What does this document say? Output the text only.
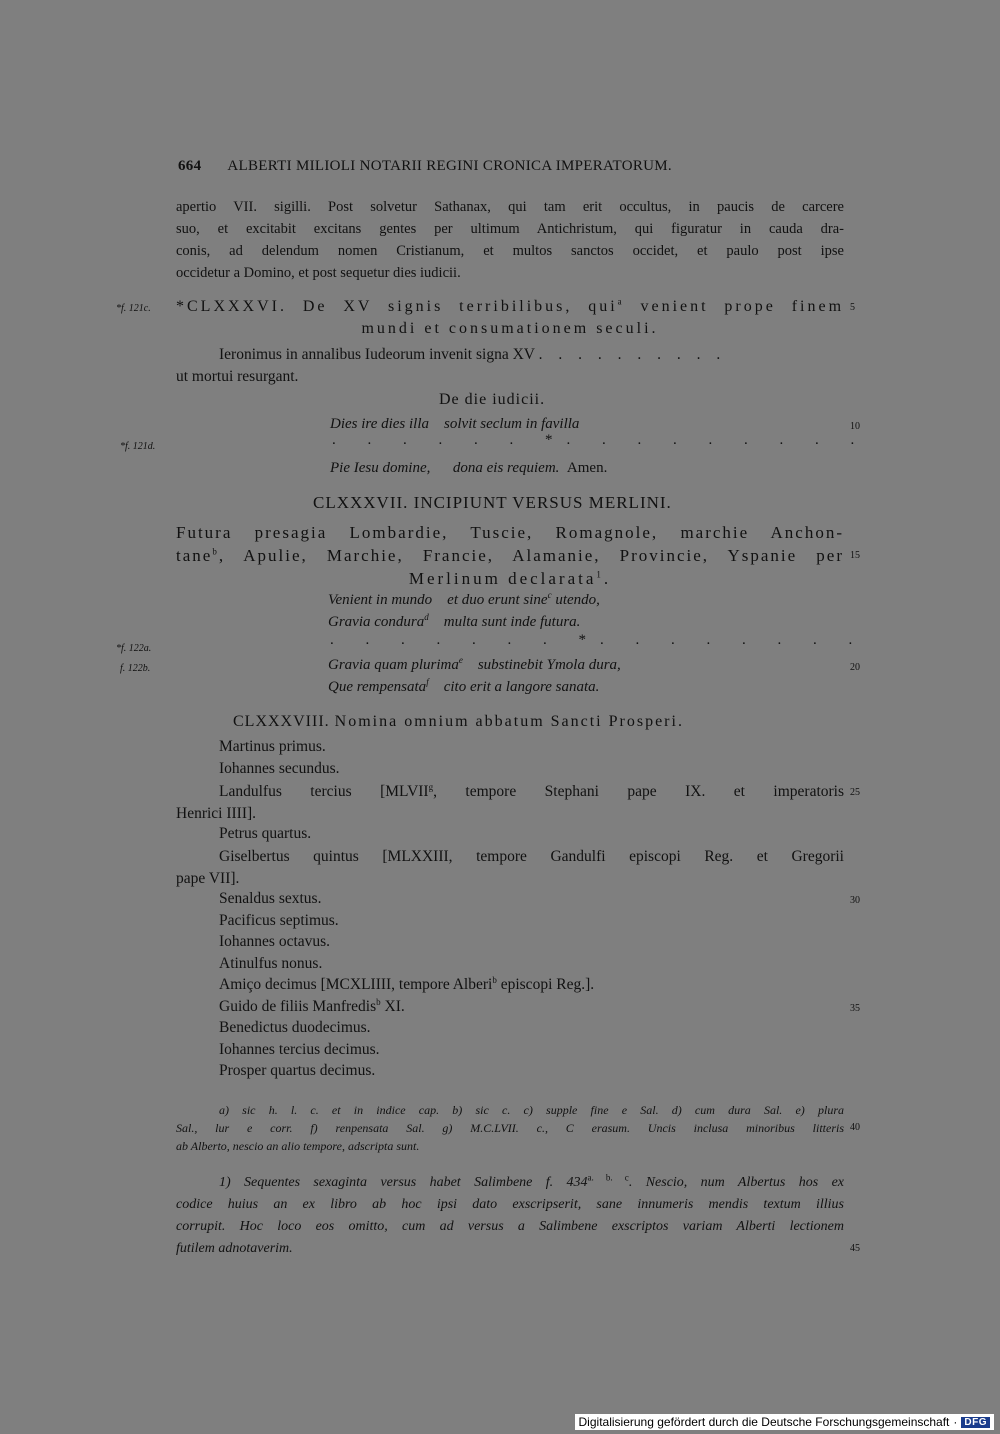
664 ALBERTI MILIOLI NOTARII REGINI CRONICA IMPERATORUM.
apertio VII. sigilli. Post solvetur Sathanax, qui tam erit occultus, in paucis de carcere
suo, et excitabit excitans gentes per ultimum Antichristum, qui figuratur in cauda dra-
conis, ad delendum nomen Cristianum, et multos sanctos occidet, et paulo post ipse
occidetur a Domino, et post sequetur dies iudicii.
*f. 121c. *CLXXXVI. De XV signis terribilibus, qui$^a$ venient prope finem
mundi et consumationem seculi.
5
Ieronimus in annalibus Iudeorum invenit signa XV . . . . . . . . . .
ut mortui resurgant.
De die iudicii.
Dies ire dies illa solvit seclum in favilla	10
*f. 121d.	. . . . . . *. . . . . . . . .
Pie Iesu domine, dona eis requiem. Amen.
CLXXXVII. INCIPIUNT VERSUS MERLINI.
Futura presagia Lombardie, Tuscie, Romagnole, marchie Anchon-
tane$^b$, Apulie, Marchie, Francie, Alamanie, Provincie, Yspanie per
Merlinum declarata$^1$.
15
Venient in mundo et duo erunt sine$^c$ utendo,
Gravia condura$^d$ multa sunt inde futura.
*f. 122a.
. . . . . . . *. . . . . . . .
f. 122b.	Gravia quam plurima$^e$ substinebit Ymola dura,	20
Que rempensata$^f$ cito erit a langore sanata.
CLXXXVIII. Nomina omnium abbatum Sancti Prosperi.
Martinus primus.
Iohannes secundus.
Landulfus tercius [MLVII$^g$, tempore Stephani pape IX. et imperatoris
Henrici IIII].
25
Petrus quartus.
Giselbertus quintus [MLXXIII, tempore Gandulfi episcopi Reg. et Gregorii
pape VII].
Senaldus sextus.	30
Pacificus septimus.
Iohannes octavus.
Atinulfus nonus.
Amiço decimus [MCXLIIII, tempore Alberi$^b$ episcopi Reg.].
Guido de filiis Manfredis$^b$ XI.	35
Benedictus duodecimus.
Iohannes tercius decimus.
Prosper quartus decimus.
a) sic h. l. c. et in indice cap. b) sic c. c) supple fine e Sal. d) cum dura Sal. e) plura
Sal., lur e corr. f) renpensata Sal. g) M.C.LVII. c., C erasum. Uncis inclusa minoribus litteris
ab Alberto, nescio an alio tempore, adscripta sunt.
40
1) Sequentes sexaginta versus habet Salimbene f. $434^{a. b. c}$. Nescio, num Albertus hos ex
codice huius an ex libro ab hoc ipsi dato exscripserit, sane innumeris mendis textum illius
corrupit. Hoc loco eos omitto, cum ad versus a Salimbene exscriptos variam Alberti lectionem
futilem adnotaverim.	45
Digitalisierung gefördert durch die Deutsche Forschungsgemeinschaft · DFG
